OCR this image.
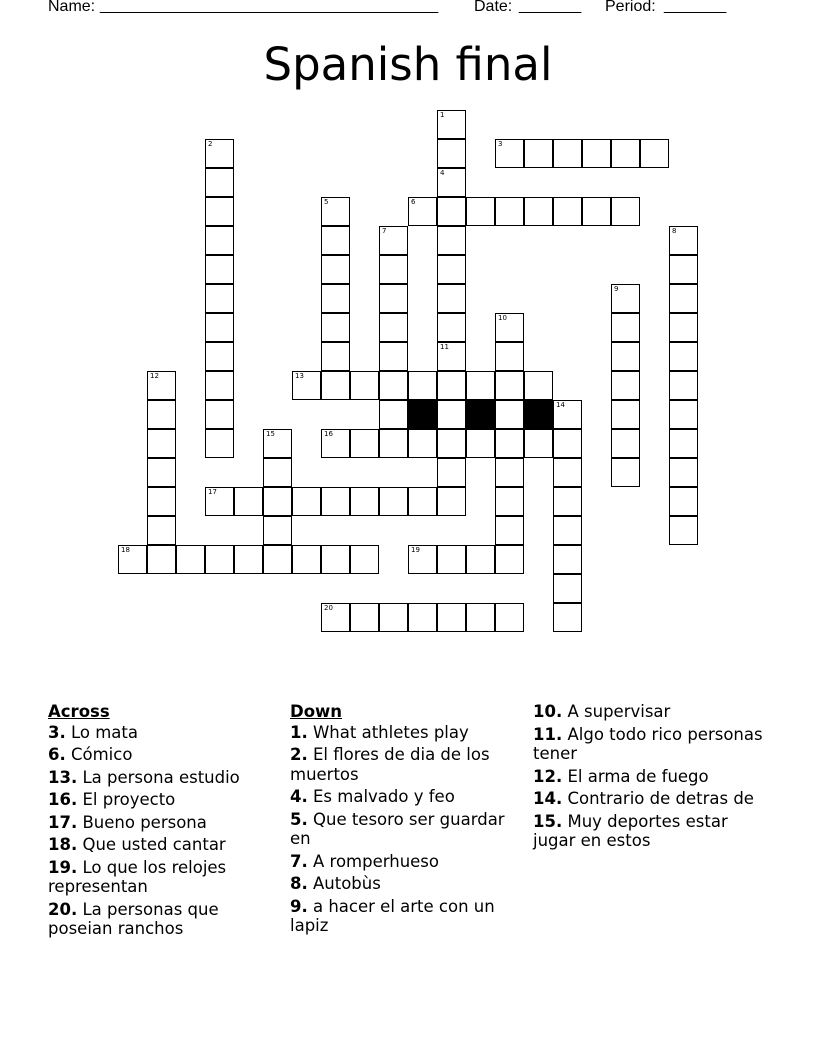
Name: ______________________________________ Date: _______ Period: _______
Spanish final
1
4
2	3
5	6
7	8
9
10
11
12	13
14
15	16
17
18	19
20
Across
3. Lo mata
6. Cómico
13. La persona estudio
16. El proyecto
17. Bueno persona
18. Que usted cantar
19. Lo que los relojes representan
20. La personas que poseian ranchos
Down
1. What athletes play
2. El flores de dia de los muertos
4. Es malvado y feo
5. Que tesoro ser guardar en
7. A romperhueso
8. Autobùs
9. a hacer el arte con un lapiz
10. A supervisar
11. Algo todo rico personas tener
12. El arma de fuego
14. Contrario de detras de
15. Muy deportes estar jugar en estos
